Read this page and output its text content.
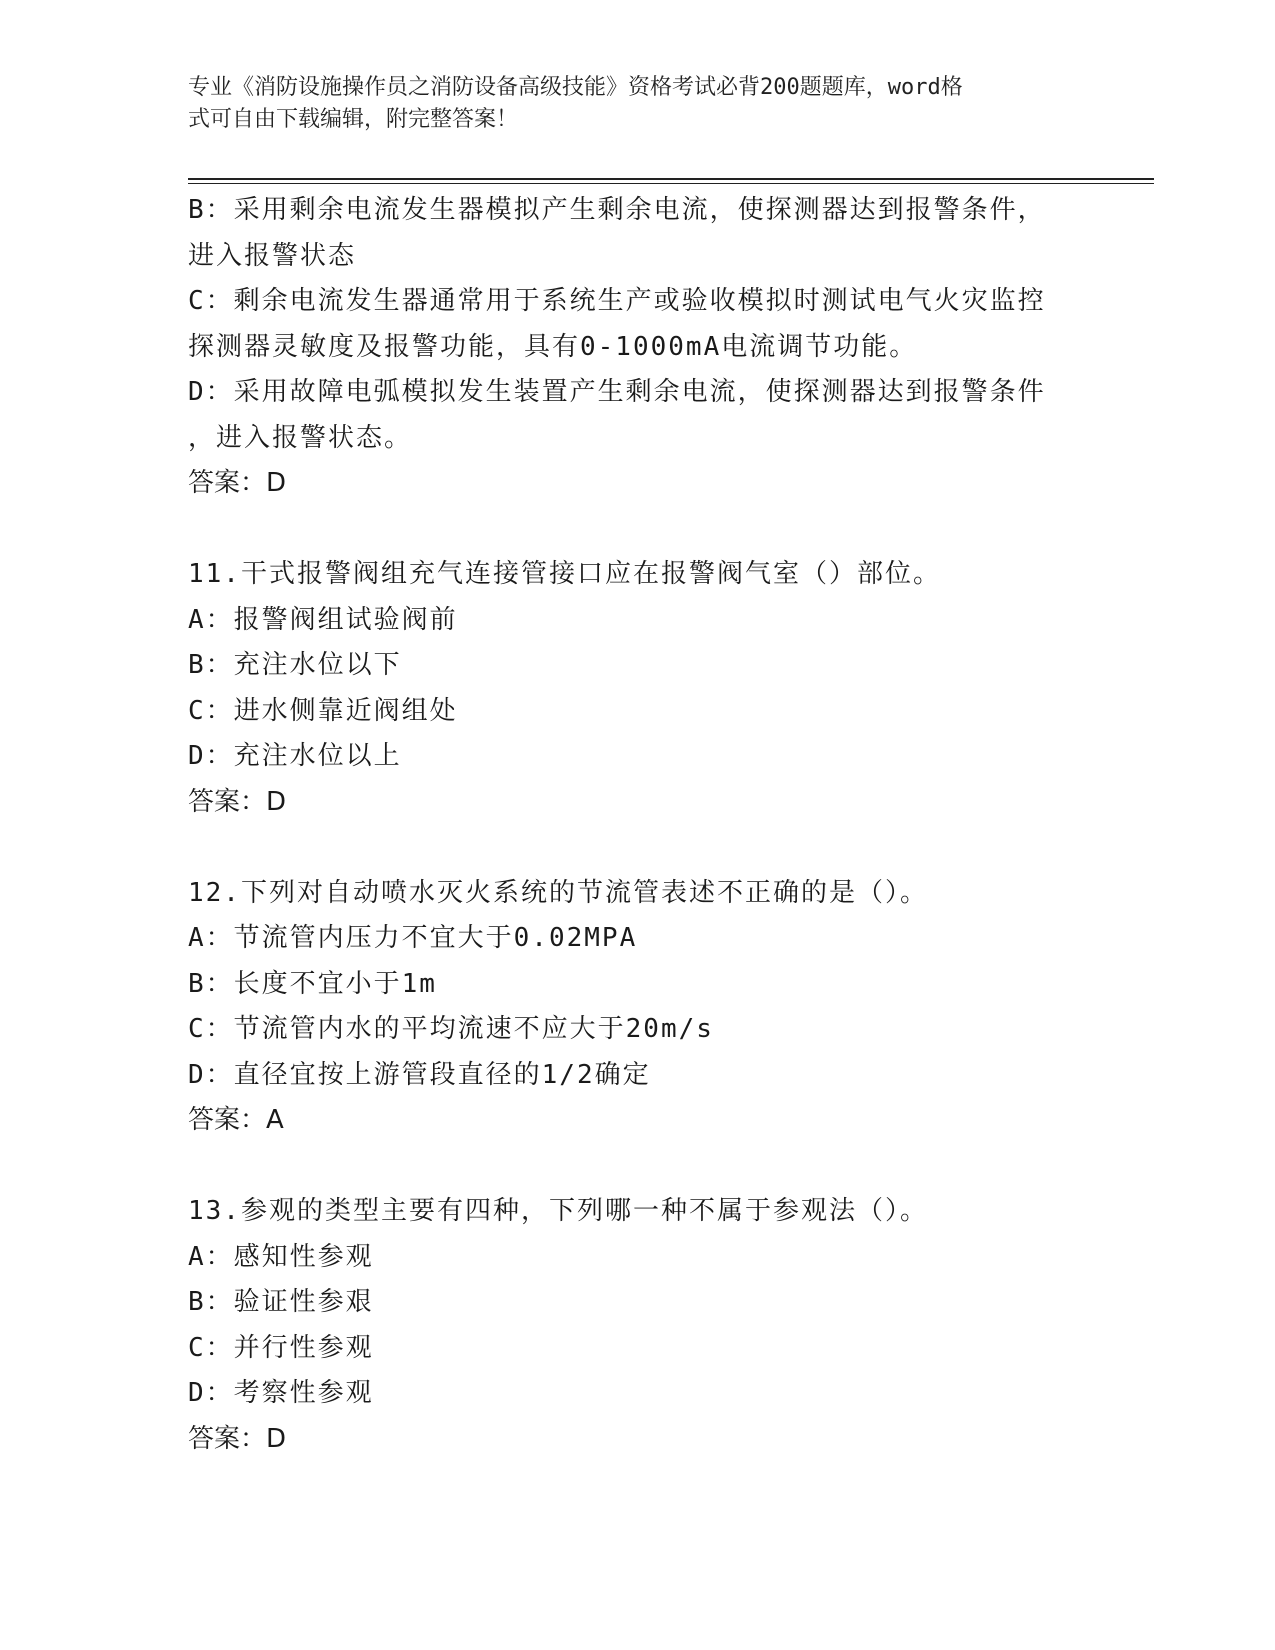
专业《消防设施操作员之消防设备高级技能》资格考试必背200题题库，word格
式可自由下载编辑，附完整答案！
B：采用剩余电流发生器模拟产生剩余电流，使探测器达到报警条件，
进入报警状态
C：剩余电流发生器通常用于系统生产或验收模拟时测试电气火灾监控
探测器灵敏度及报警功能，具有0-1000mA电流调节功能。
D：采用故障电弧模拟发生装置产生剩余电流，使探测器达到报警条件
，进入报警状态。
答案：D
11.干式报警阀组充气连接管接口应在报警阀气室（）部位。
A：报警阀组试验阀前
B：充注水位以下
C：进水侧靠近阀组处
D：充注水位以上
答案：D
12.下列对自动喷水灭火系统的节流管表述不正确的是（）。
A：节流管内压力不宜大于0.02MPA
B：长度不宜小于1m
C：节流管内水的平均流速不应大于20m/s
D：直径宜按上游管段直径的1/2确定
答案：A
13.参观的类型主要有四种，下列哪一种不属于参观法（）。
A：感知性参观
B：验证性参艰
C：并行性参观
D：考察性参观
答案：D
